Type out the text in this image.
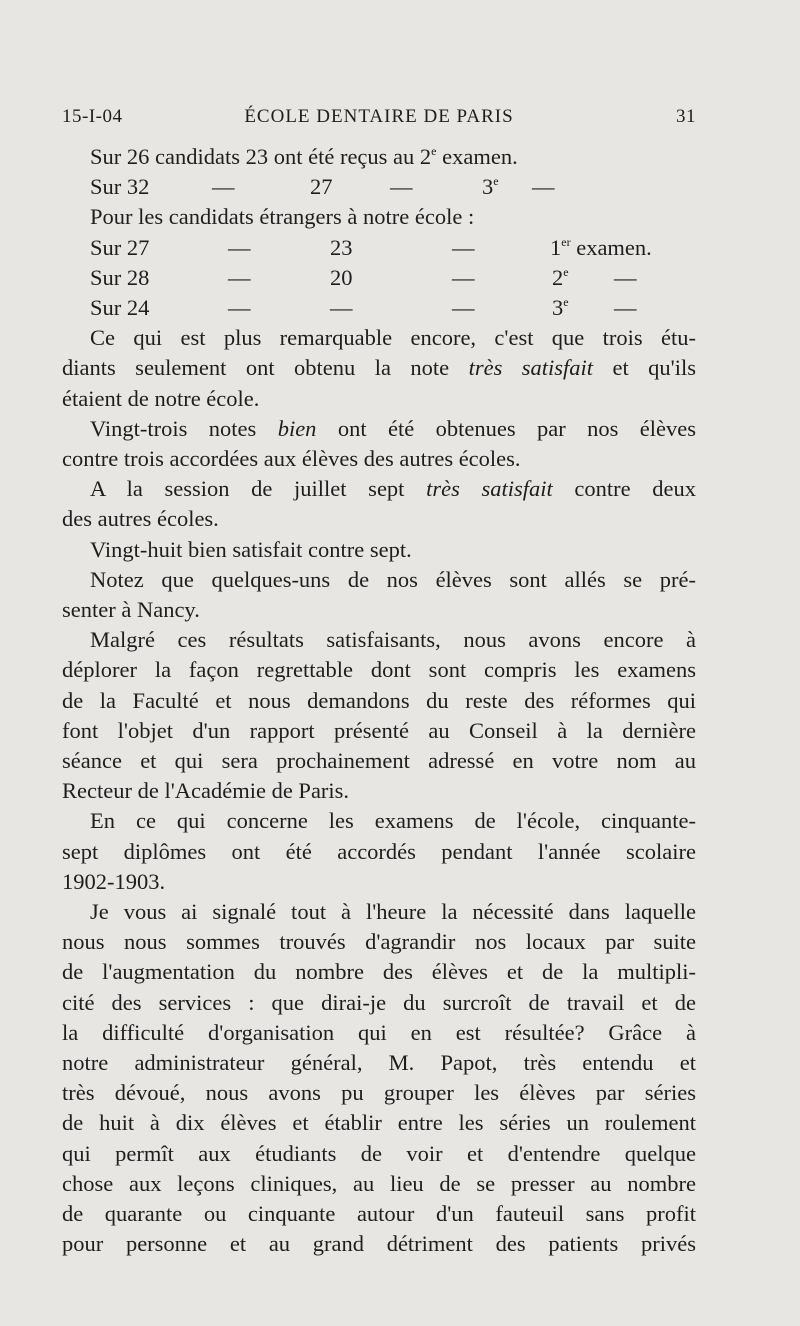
15-I-04	ÉCOLE DENTAIRE DE PARIS	31
Sur 26 candidats 23 ont été reçus au 2e examen.
Sur 32	—	27	—	3e —
Pour les candidats étrangers à notre école :
Sur 27	—	23	—	1er examen.
Sur 28	—	20	—	2e —
Sur 24	—	—	—	3e —
Ce qui est plus remarquable encore, c'est que trois étu-
diants seulement ont obtenu la note très satisfait et qu'ils
étaient de notre école.
Vingt-trois notes bien ont été obtenues par nos élèves
contre trois accordées aux élèves des autres écoles.
A la session de juillet sept très satisfait contre deux
des autres écoles.
Vingt-huit bien satisfait contre sept.
Notez que quelques-uns de nos élèves sont allés se pré-
senter à Nancy.
Malgré ces résultats satisfaisants, nous avons encore à
déplorer la façon regrettable dont sont compris les examens
de la Faculté et nous demandons du reste des réformes qui
font l'objet d'un rapport présenté au Conseil à la dernière
séance et qui sera prochainement adressé en votre nom au
Recteur de l'Académie de Paris.
En ce qui concerne les examens de l'école, cinquante-
sept diplômes ont été accordés pendant l'année scolaire
1902-1903.
Je vous ai signalé tout à l'heure la nécessité dans laquelle
nous nous sommes trouvés d'agrandir nos locaux par suite
de l'augmentation du nombre des élèves et de la multipli-
cité des services : que dirai-je du surcroît de travail et de
la difficulté d'organisation qui en est résultée? Grâce à
notre administrateur général, M. Papot, très entendu et
très dévoué, nous avons pu grouper les élèves par séries
de huit à dix élèves et établir entre les séries un roulement
qui permît aux étudiants de voir et d'entendre quelque
chose aux leçons cliniques, au lieu de se presser au nombre
de quarante ou cinquante autour d'un fauteuil sans profit
pour personne et au grand détriment des patients privés
